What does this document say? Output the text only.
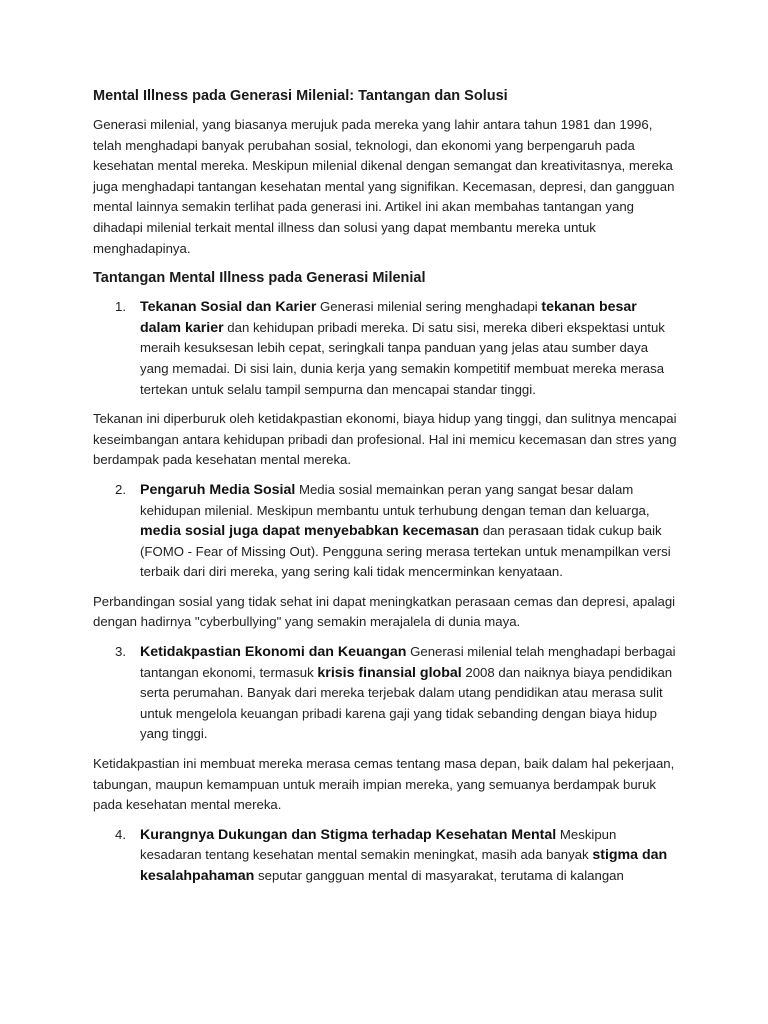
Mental Illness pada Generasi Milenial: Tantangan dan Solusi

Generasi milenial, yang biasanya merujuk pada mereka yang lahir antara tahun 1981 dan 1996, telah menghadapi banyak perubahan sosial, teknologi, dan ekonomi yang berpengaruh pada kesehatan mental mereka. Meskipun milenial dikenal dengan semangat dan kreativitasnya, mereka juga menghadapi tantangan kesehatan mental yang signifikan. Kecemasan, depresi, dan gangguan mental lainnya semakin terlihat pada generasi ini. Artikel ini akan membahas tantangan yang dihadapi milenial terkait mental illness dan solusi yang dapat membantu mereka untuk menghadapinya.

Tantangan Mental Illness pada Generasi Milenial
1. Tekanan Sosial dan Karier Generasi milenial sering menghadapi tekanan besar dalam karier dan kehidupan pribadi mereka. Di satu sisi, mereka diberi ekspektasi untuk meraih kesuksesan lebih cepat, seringkali tanpa panduan yang jelas atau sumber daya yang memadai. Di sisi lain, dunia kerja yang semakin kompetitif membuat mereka merasa tertekan untuk selalu tampil sempurna dan mencapai standar tinggi.

Tekanan ini diperburuk oleh ketidakpastian ekonomi, biaya hidup yang tinggi, dan sulitnya mencapai keseimbangan antara kehidupan pribadi dan profesional. Hal ini memicu kecemasan dan stres yang berdampak pada kesehatan mental mereka.

2. Pengaruh Media Sosial Media sosial memainkan peran yang sangat besar dalam kehidupan milenial. Meskipun membantu untuk terhubung dengan teman dan keluarga, media sosial juga dapat menyebabkan kecemasan dan perasaan tidak cukup baik (FOMO - Fear of Missing Out). Pengguna sering merasa tertekan untuk menampilkan versi terbaik dari diri mereka, yang sering kali tidak mencerminkan kenyataan.

Perbandingan sosial yang tidak sehat ini dapat meningkatkan perasaan cemas dan depresi, apalagi dengan hadirnya "cyberbullying" yang semakin merajalela di dunia maya.

3. Ketidakpastian Ekonomi dan Keuangan Generasi milenial telah menghadapi berbagai tantangan ekonomi, termasuk krisis finansial global 2008 dan naiknya biaya pendidikan serta perumahan. Banyak dari mereka terjebak dalam utang pendidikan atau merasa sulit untuk mengelola keuangan pribadi karena gaji yang tidak sebanding dengan biaya hidup yang tinggi.

Ketidakpastian ini membuat mereka merasa cemas tentang masa depan, baik dalam hal pekerjaan, tabungan, maupun kemampuan untuk meraih impian mereka, yang semuanya berdampak buruk pada kesehatan mental mereka.

4. Kurangnya Dukungan dan Stigma terhadap Kesehatan Mental Meskipun kesadaran tentang kesehatan mental semakin meningkat, masih ada banyak stigma dan kesalahpahaman seputar gangguan mental di masyarakat, terutama di kalangan
